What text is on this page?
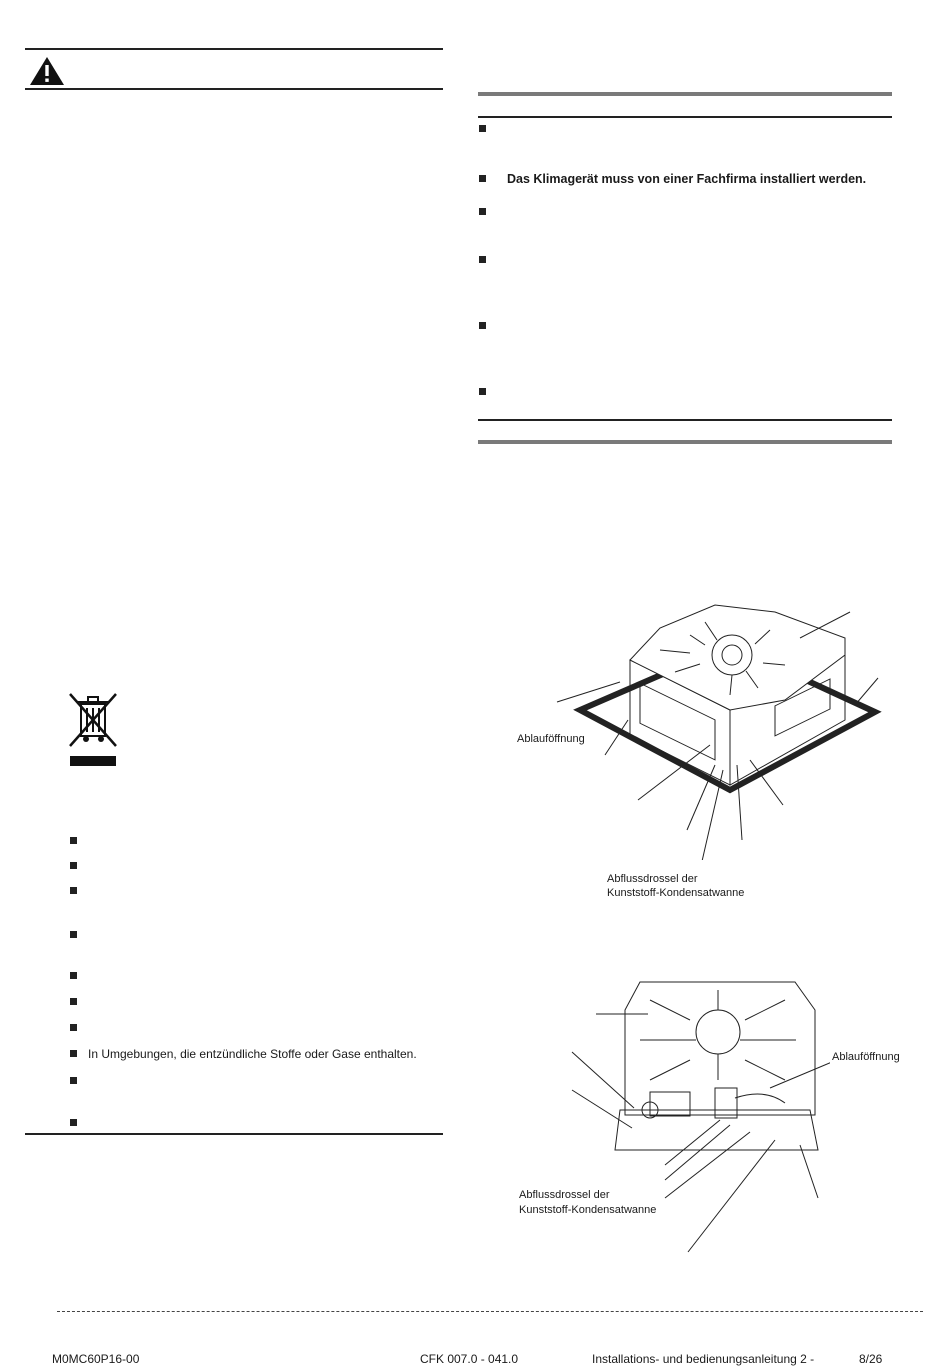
In Umgebungen, die entzündliche Stoffe oder Gase enthalten.
Das Klimagerät muss von einer Fachfirma installiert werden.
Ablauföffnung
Abflussdrossel der
Kunststoff-Kondensatwanne
Ablauföffnung
Abflussdrossel der
Kunststoff-Kondensatwanne
M0MC60P16-00	CFK 007.0 - 041.0	Installations- und bedienungsanleitung 2 -	8/26
